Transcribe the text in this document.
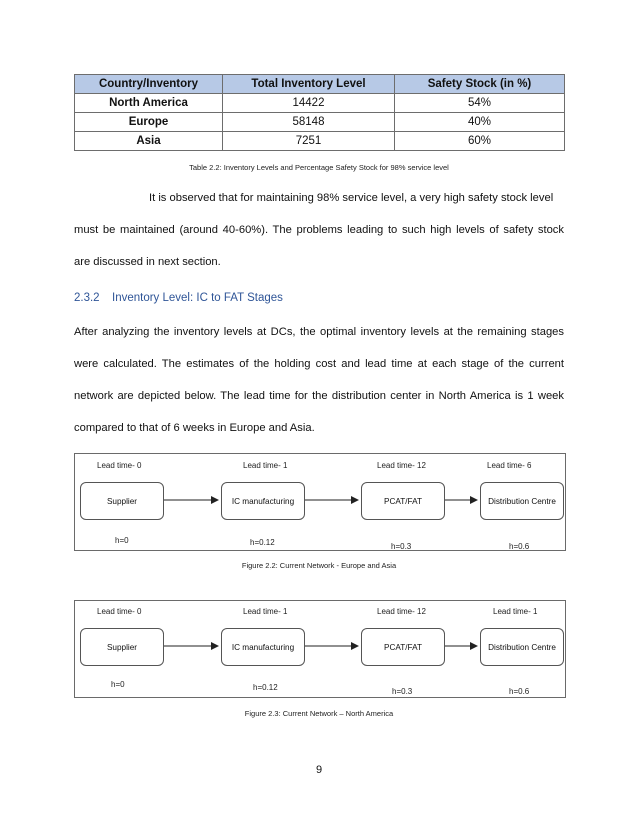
Country/Inventory	Total Inventory Level	Safety Stock (in %)
North America	14422	54%
Europe	58148	40%
Asia	7251	60%
Table 2.2: Inventory Levels and Percentage Safety Stock for 98% service level
It is observed that for maintaining 98% service level, a very high safety stock level
must be maintained (around 40-60%). The problems leading to such high levels of safety stock
are discussed in next section.
2.3.2 Inventory Level: IC to FAT Stages
After analyzing the inventory levels at DCs, the optimal inventory levels at the remaining stages
were calculated. The estimates of the holding cost and lead time at each stage of the current
network are depicted below. The lead time for the distribution center in North America is 1 week
compared to that of 6 weeks in Europe and Asia.
Lead time- 0	Lead time- 1	Lead time- 12	Lead time- 6
Supplier	IC manufacturing	PCAT/FAT	Distribution Centre
h=0	h=0.12	h=0.3	h=0.6
Figure 2.2: Current Network - Europe and Asia
Lead time- 0	Lead time- 1	Lead time- 12	Lead time- 1
Supplier	IC manufacturing	PCAT/FAT	Distribution Centre
h=0	h=0.12	h=0.3	h=0.6
Figure 2.3: Current Network – North America
9
